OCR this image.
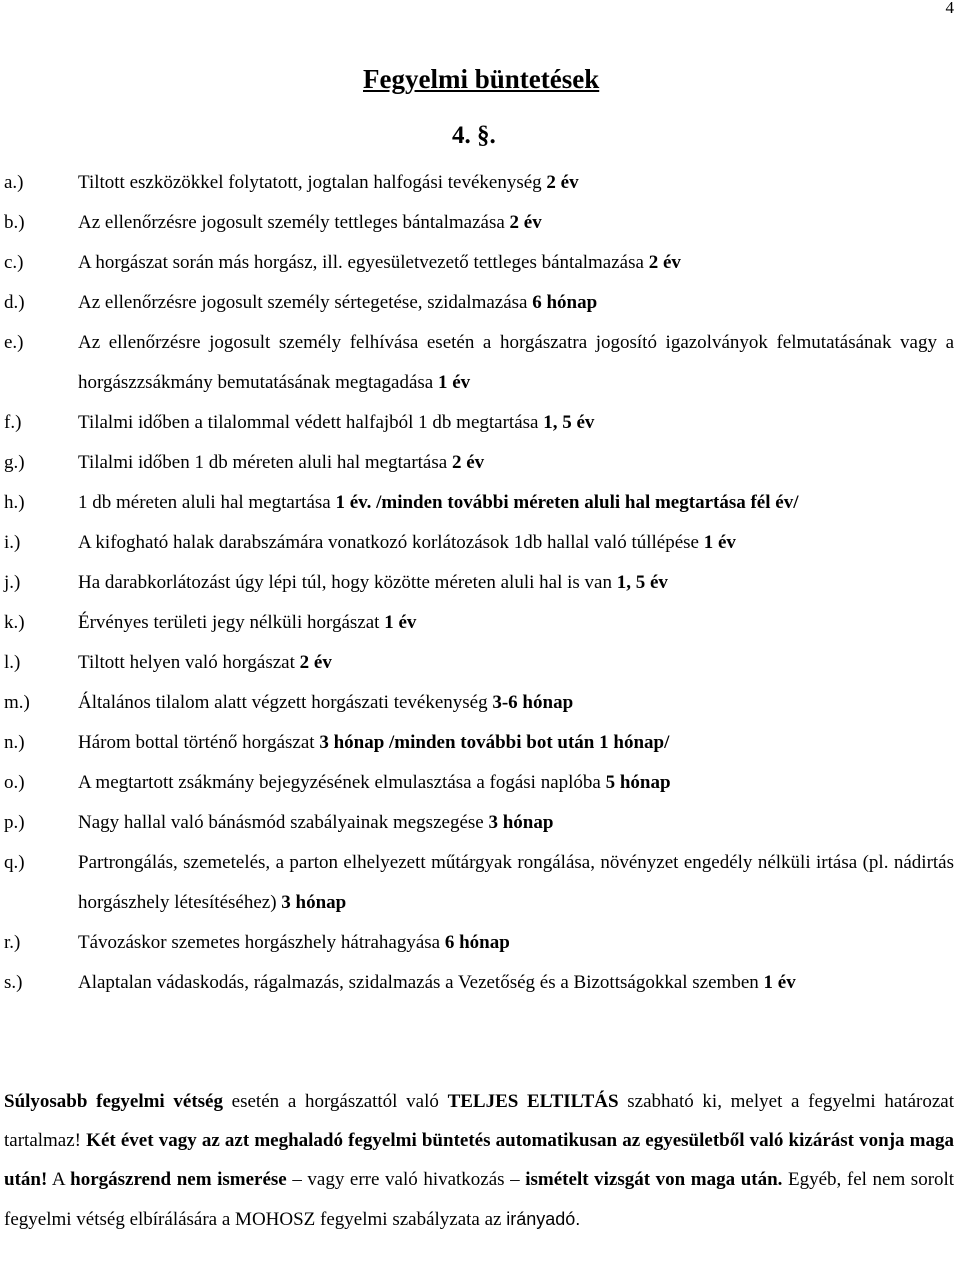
4
Fegyelmi büntetések
4. §.
a.)	Tiltott eszközökkel folytatott, jogtalan halfogási tevékenység 2 év
b.)	Az ellenőrzésre jogosult személy tettleges bántalmazása 2 év
c.)	A horgászat során más horgász, ill. egyesületvezető tettleges bántalmazása 2 év
d.)	Az ellenőrzésre jogosult személy sértegetése, szidalmazása 6 hónap
e.)	Az ellenőrzésre jogosult személy felhívása esetén a horgászatra jogosító igazolványok felmutatásának vagy a horgászzsákmány bemutatásának megtagadása 1 év
f.)	Tilalmi időben a tilalommal védett halfajból 1 db megtartása 1, 5 év
g.)	Tilalmi időben 1 db méreten aluli hal megtartása 2 év
h.)	1 db méreten aluli hal megtartása 1 év. /minden további méreten aluli hal megtartása fél év/
i.)	A kifogható halak darabszámára vonatkozó korlátozások 1db hallal való túllépése 1 év
j.)	Ha darabkorlátozást úgy lépi túl, hogy közötte méreten aluli hal is van 1, 5 év
k.)	Érvényes területi jegy nélküli horgászat 1 év
l.)	Tiltott helyen való horgászat 2 év
m.)	Általános tilalom alatt végzett horgászati tevékenység 3-6 hónap
n.)	Három bottal történő horgászat 3 hónap /minden további bot után 1 hónap/
o.)	A megtartott zsákmány bejegyzésének elmulasztása a fogási naplóba 5 hónap
p.)	Nagy hallal való bánásmód szabályainak megszegése 3 hónap
q.)	Partrongálás, szemetelés, a parton elhelyezett műtárgyak rongálása, növényzet engedély nélküli irtása (pl. nádirtás horgászhely létesítéséhez) 3 hónap
r.)	Távozáskor szemetes horgászhely hátrahagyása 6 hónap
s.)	Alaptalan vádaskodás, rágalmazás, szidalmazás a Vezetőség és a Bizottságokkal szemben 1 év
Súlyosabb fegyelmi vétség esetén a horgászattól való TELJES ELTILTÁS szabható ki, melyet a fegyelmi határozat tartalmaz! Két évet vagy az azt meghaladó fegyelmi büntetés automatikusan az egyesületből való kizárást vonja maga után! A horgászrend nem ismerése – vagy erre való hivatkozás – ismételt vizsgát von maga után. Egyéb, fel nem sorolt fegyelmi vétség elbírálására a MOHOSZ fegyelmi szabályzata az irányadó.
